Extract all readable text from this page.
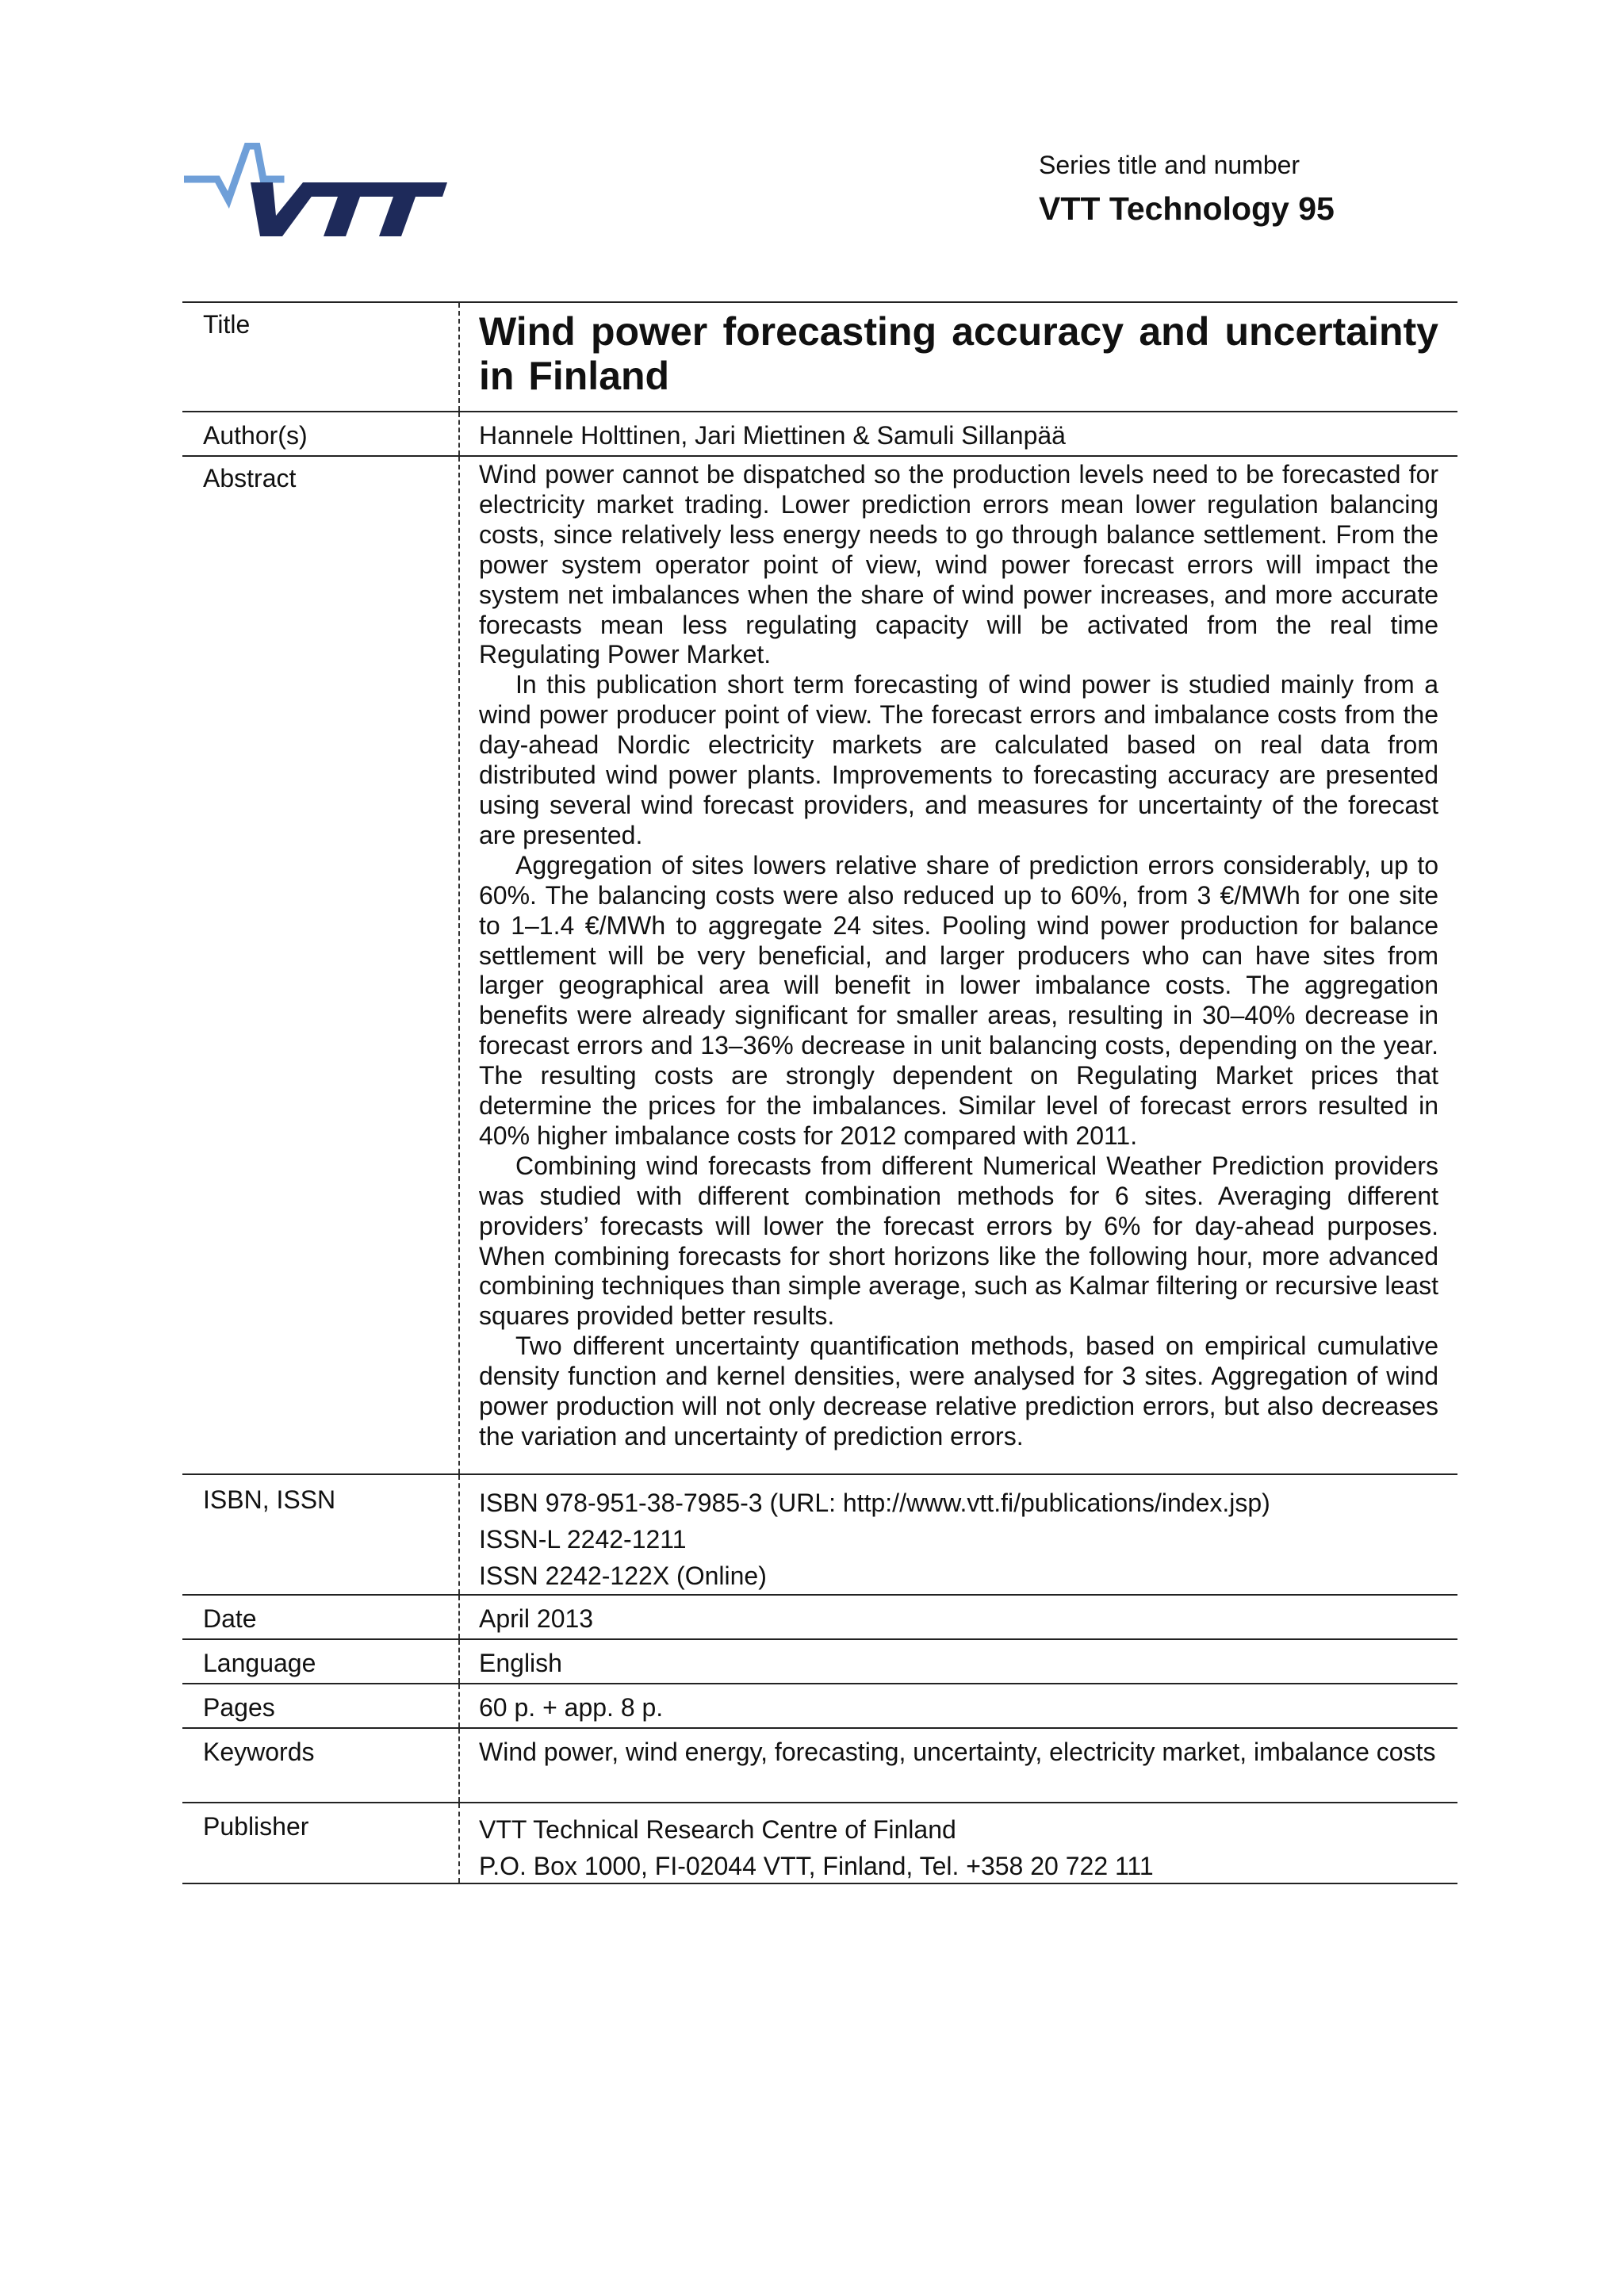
Series title and number
VTT Technology 95
Title	Wind power forecasting accuracy and uncertainty in Finland
Author(s)	Hannele Holttinen, Jari Miettinen & Samuli Sillanpää
Abstract	Wind power cannot be dispatched so the production levels need to be forecasted for electricity market trading. Lower prediction errors mean lower regulation balancing costs, since relatively less energy needs to go through balance settlement. From the power system operator point of view, wind power forecast errors will impact the system net imbalances when the share of wind power increases, and more accurate forecasts mean less regulating capacity will be activated from the real time Regulating Power Market.

In this publication short term forecasting of wind power is studied mainly from a wind power producer point of view. The forecast errors and imbalance costs from the day-ahead Nordic electricity markets are calculated based on real data from distributed wind power plants. Improvements to forecasting accuracy are presented using several wind forecast providers, and measures for uncertainty of the forecast are presented.

Aggregation of sites lowers relative share of prediction errors considerably, up to 60%. The balancing costs were also reduced up to 60%, from 3 €/MWh for one site to 1–1.4 €/MWh to aggregate 24 sites. Pooling wind power production for balance settlement will be very beneficial, and larger producers who can have sites from larger geographical area will benefit in lower imbalance costs. The aggregation benefits were already significant for smaller areas, resulting in 30–40% decrease in forecast errors and 13–36% decrease in unit balancing costs, depending on the year. The resulting costs are strongly dependent on Regulating Market prices that determine the prices for the imbalances. Similar level of forecast errors resulted in 40% higher imbalance costs for 2012 compared with 2011.

Combining wind forecasts from different Numerical Weather Prediction providers was studied with different combination methods for 6 sites. Averaging different providers’ forecasts will lower the forecast errors by 6% for day-ahead purposes. When combining forecasts for short horizons like the following hour, more advanced combining techniques than simple average, such as Kalmar filtering or recursive least squares provided better results.

Two different uncertainty quantification methods, based on empirical cumulative density function and kernel densities, were analysed for 3 sites. Aggregation of wind power production will not only decrease relative prediction errors, but also decreases the variation and uncertainty of prediction errors.

ISBN, ISSN	ISBN 978-951-38-7985-3 (URL: http://www.vtt.fi/publications/index.jsp)
ISSN-L 2242-1211
ISSN 2242-122X (Online)
Date	April 2013
Language	English
Pages	60 p. + app. 8 p.
Keywords	Wind power, wind energy, forecasting, uncertainty, electricity market, imbalance costs
Publisher	VTT Technical Research Centre of Finland
P.O. Box 1000, FI-02044 VTT, Finland, Tel. +358 20 722 111
